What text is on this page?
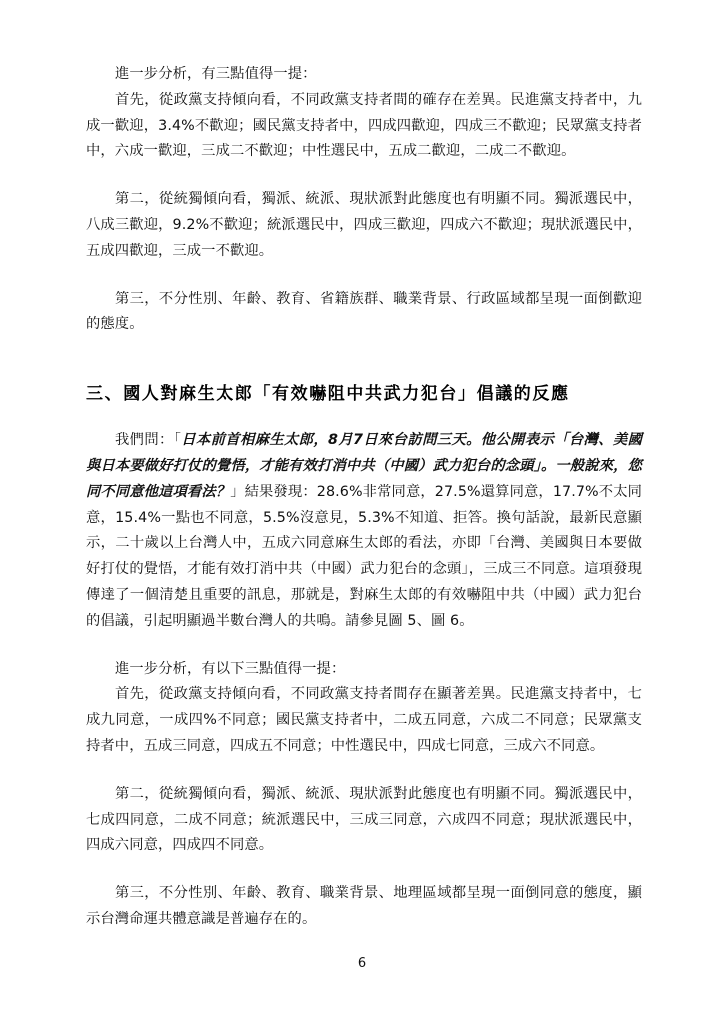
進一步分析，有三點值得一提：

首先，從政黨支持傾向看，不同政黨支持者間的確存在差異。民進黨支持者中，九成一歡迎，3.4%不歡迎；國民黨支持者中，四成四歡迎，四成三不歡迎；民眾黨支持者中，六成一歡迎，三成二不歡迎；中性選民中，五成二歡迎，二成二不歡迎。

第二，從統獨傾向看，獨派、統派、現狀派對此態度也有明顯不同。獨派選民中，八成三歡迎，9.2%不歡迎；統派選民中，四成三歡迎，四成六不歡迎；現狀派選民中，五成四歡迎，三成一不歡迎。

第三，不分性別、年齡、教育、省籍族群、職業背景、行政區域都呈現一面倒歡迎的態度。

三、國人對麻生太郎「有效嚇阻中共武力犯台」倡議的反應

我們問：「日本前首相麻生太郎，8月7日來台訪問三天。他公開表示「台灣、美國與日本要做好打仗的覺悟，才能有效打消中共（中國）武力犯台的念頭」。一般說來，您同不同意他這項看法？」結果發現：28.6%非常同意，27.5%還算同意，17.7%不太同意，15.4%一點也不同意，5.5%沒意見，5.3%不知道、拒答。換句話說，最新民意顯示，二十歲以上台灣人中，五成六同意麻生太郎的看法，亦即「台灣、美國與日本要做好打仗的覺悟，才能有效打消中共（中國）武力犯台的念頭」，三成三不同意。這項發現傳達了一個清楚且重要的訊息，那就是，對麻生太郎的有效嚇阻中共（中國）武力犯台的倡議，引起明顯過半數台灣人的共鳴。請參見圖 5、圖 6。

進一步分析，有以下三點值得一提：

首先，從政黨支持傾向看，不同政黨支持者間存在顯著差異。民進黨支持者中，七成九同意，一成四%不同意；國民黨支持者中，二成五同意，六成二不同意；民眾黨支持者中，五成三同意，四成五不同意；中性選民中，四成七同意，三成六不同意。

第二，從統獨傾向看，獨派、統派、現狀派對此態度也有明顯不同。獨派選民中，七成四同意，二成不同意；統派選民中，三成三同意，六成四不同意；現狀派選民中，四成六同意，四成四不同意。

第三，不分性別、年齡、教育、職業背景、地理區域都呈現一面倒同意的態度，顯示台灣命運共體意識是普遍存在的。

6
